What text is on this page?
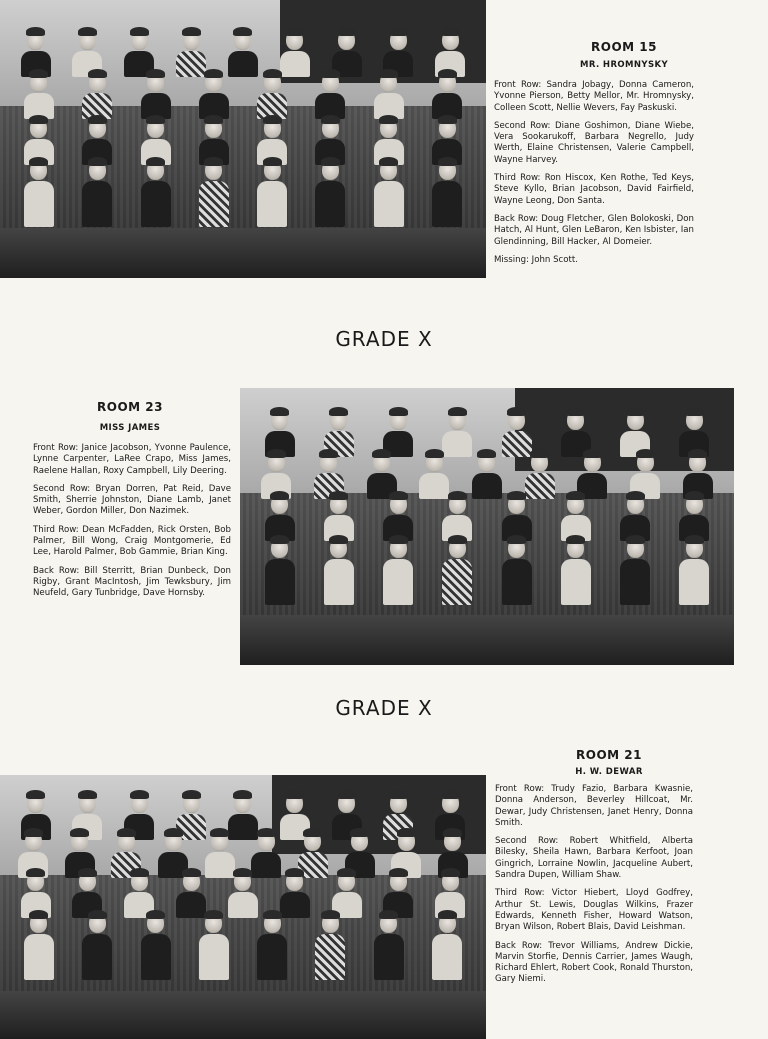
ROOM 15
MR. HROMNYSKY

Front Row: Sandra Jobagy, Donna Cameron, Yvonne Pierson, Betty Mellor, Mr. Hromnysky, Colleen Scott, Nellie Wevers, Fay Paskuski.

Second Row: Diane Goshimon, Diane Wiebe, Vera Sookarukoff, Barbara Negrello, Judy Werth, Elaine Christensen, Valerie Campbell, Wayne Harvey.

Third Row: Ron Hiscox, Ken Rothe, Ted Keys, Steve Kyllo, Brian Jacobson, David Fairfield, Wayne Leong, Don Santa.

Back Row: Doug Fletcher, Glen Bolokoski, Don Hatch, Al Hunt, Glen LeBaron, Ken Isbister, Ian Glendinning, Bill Hacker, Al Domeier.

Missing: John Scott.

GRADE X
ROOM 23
MISS JAMES

Front Row: Janice Jacobson, Yvonne Paulence, Lynne Carpenter, LaRee Crapo, Miss James, Raelene Hallan, Roxy Campbell, Lily Deering.

Second Row: Bryan Dorren, Pat Reid, Dave Smith, Sherrie Johnston, Diane Lamb, Janet Weber, Gordon Miller, Don Nazimek.

Third Row: Dean McFadden, Rick Orsten, Bob Palmer, Bill Wong, Craig Montgomerie, Ed Lee, Harold Palmer, Bob Gammie, Brian King.

Back Row: Bill Sterritt, Brian Dunbeck, Don Rigby, Grant MacIntosh, Jim Tewksbury, Jim Neufeld, Gary Tunbridge, Dave Hornsby.

GRADE X
ROOM 21
H. W. DEWAR

Front Row: Trudy Fazio, Barbara Kwasnie, Donna Anderson, Beverley Hillcoat, Mr. Dewar, Judy Christensen, Janet Henry, Donna Smith.

Second Row: Robert Whitfield, Alberta Bilesky, Sheila Hawn, Barbara Kerfoot, Joan Gingrich, Lorraine Nowlin, Jacqueline Aubert, Sandra Dupen, William Shaw.

Third Row: Victor Hiebert, Lloyd Godfrey, Arthur St. Lewis, Douglas Wilkins, Frazer Edwards, Kenneth Fisher, Howard Watson, Bryan Wilson, Robert Blais, David Leishman.

Back Row: Trevor Williams, Andrew Dickie, Marvin Storfie, Dennis Carrier, James Waugh, Richard Ehlert, Robert Cook, Ronald Thurston, Gary Niemi.
